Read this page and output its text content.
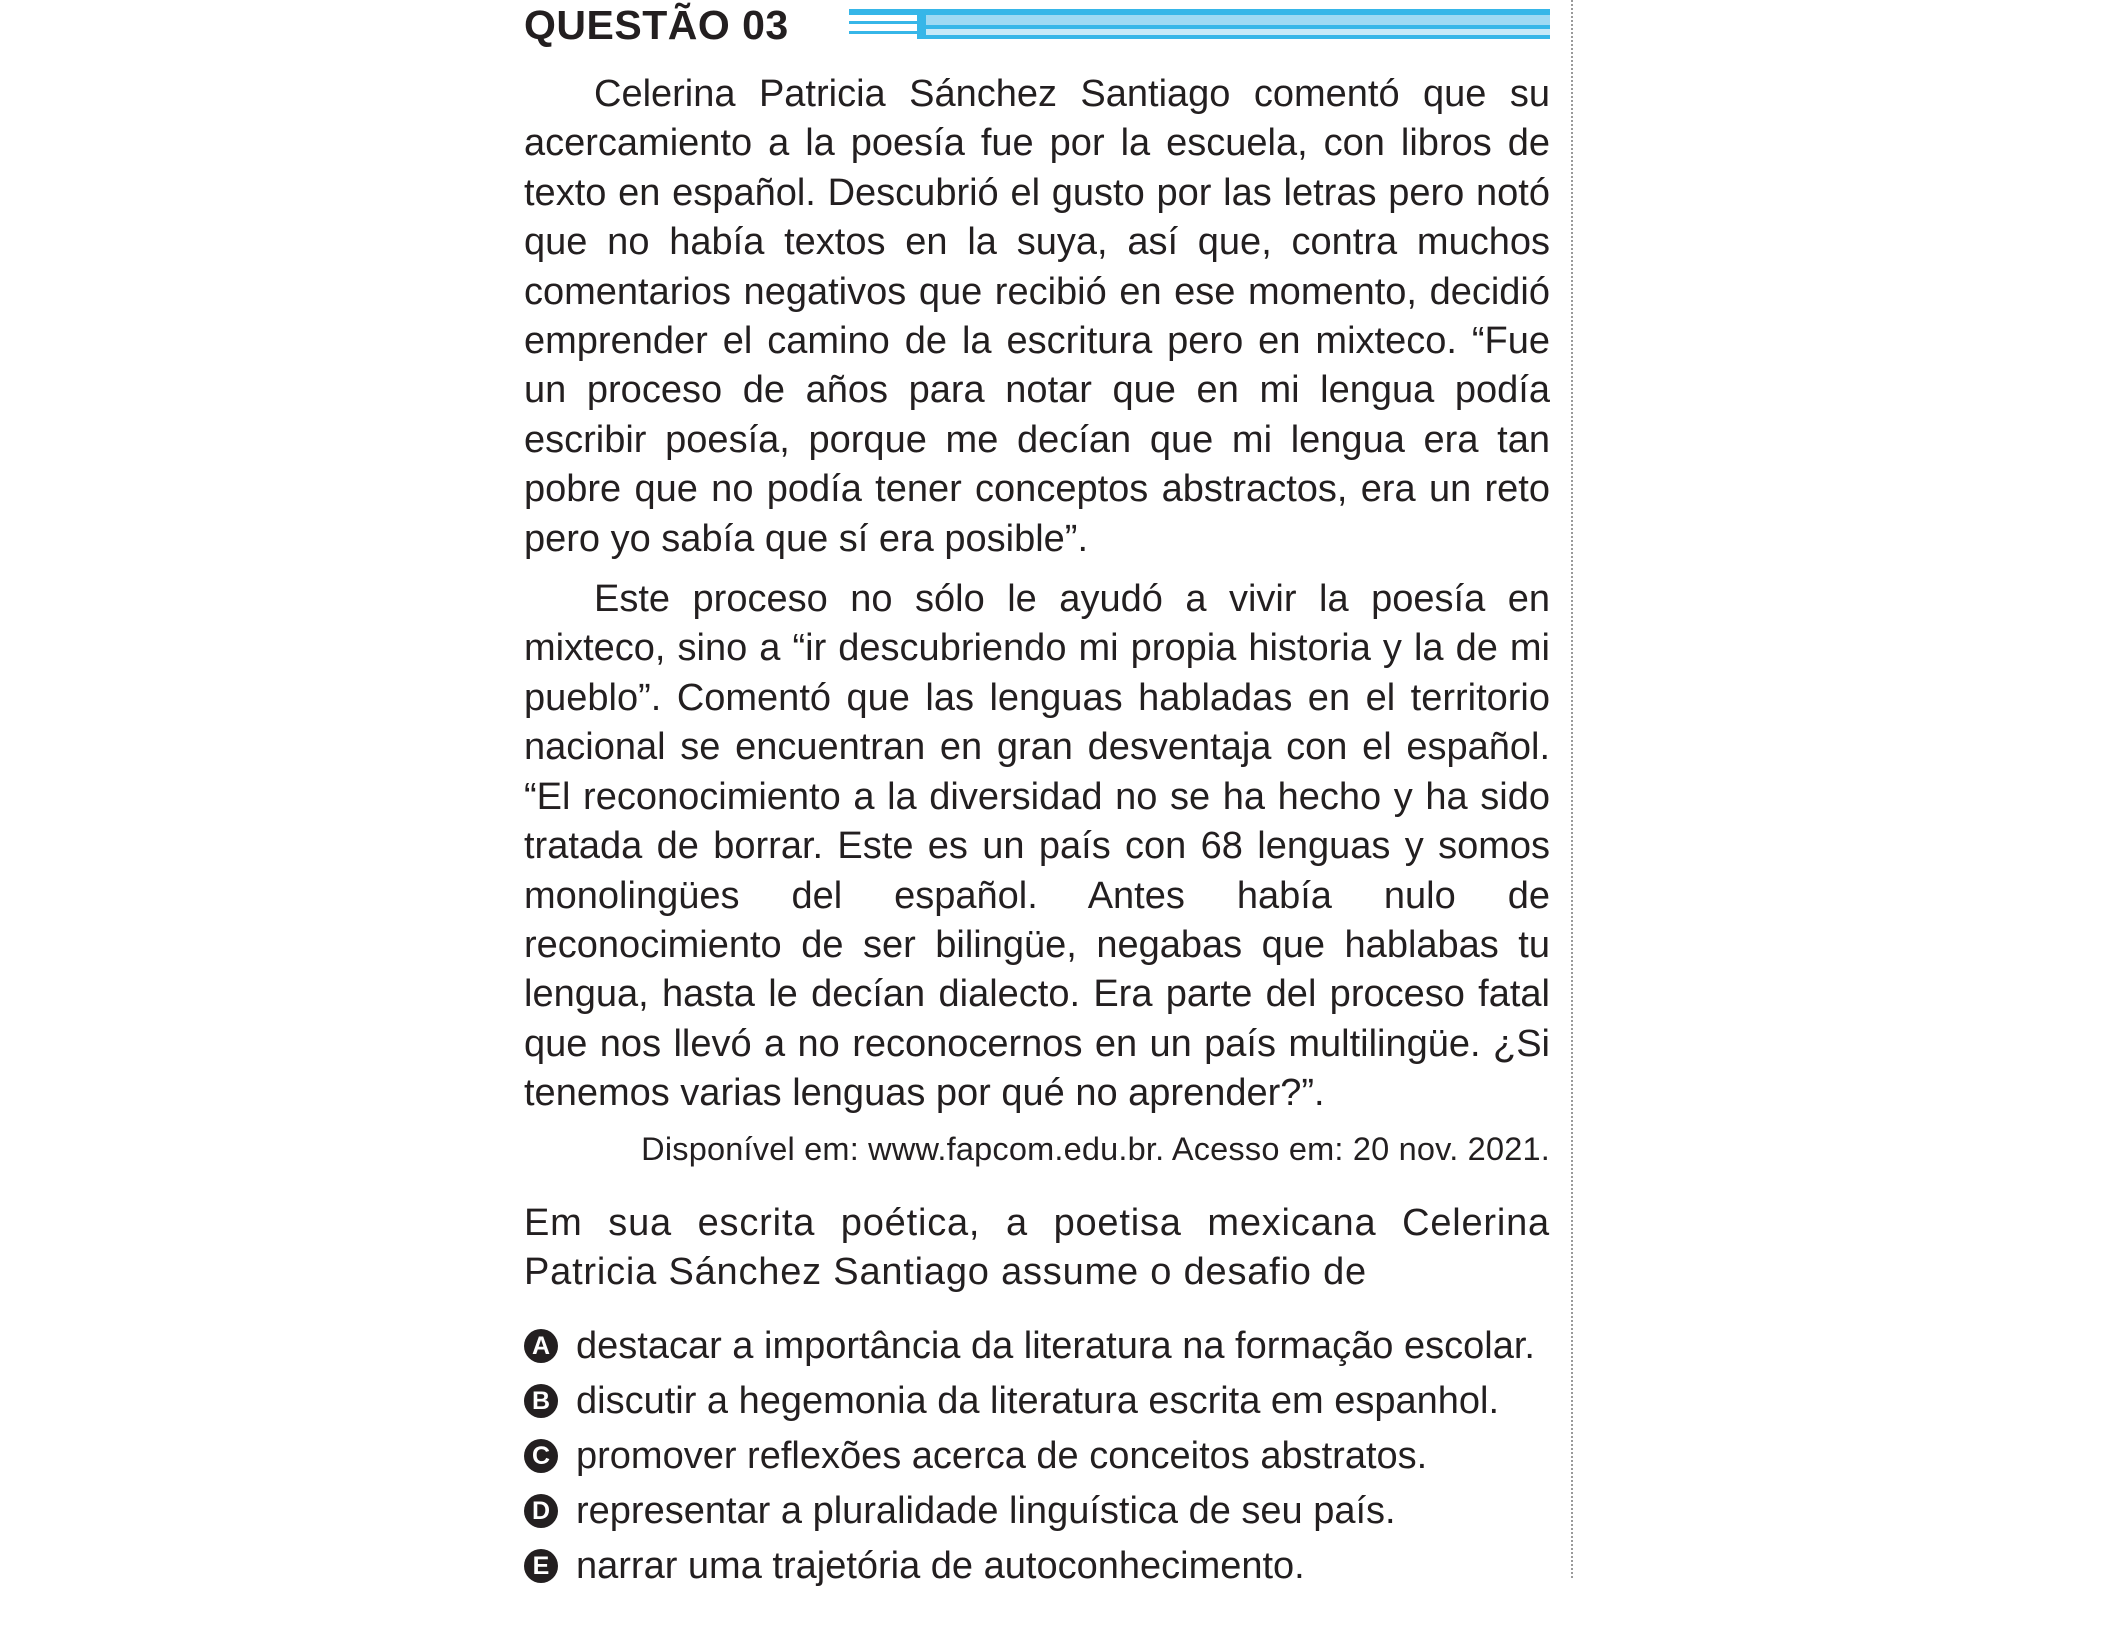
QUESTÃO 03

Celerina Patricia Sánchez Santiago comentó que su acercamiento a la poesía fue por la escuela, con libros de texto en español. Descubrió el gusto por las letras pero notó que no había textos en la suya, así que, contra muchos comentarios negativos que recibió en ese momento, decidió emprender el camino de la escritura pero en mixteco. “Fue un proceso de años para notar que en mi lengua podía escribir poesía, porque me decían que mi lengua era tan pobre que no podía tener conceptos abstractos, era un reto pero yo sabía que sí era posible”.

Este proceso no sólo le ayudó a vivir la poesía en mixteco, sino a “ir descubriendo mi propia historia y la de mi pueblo”. Comentó que las lenguas habladas en el territorio nacional se encuentran en gran desventaja con el español. “El reconocimiento a la diversidad no se ha hecho y ha sido tratada de borrar. Este es un país con 68 lenguas y somos monolingües del español. Antes había nulo de reconocimiento de ser bilingüe, negabas que hablabas tu lengua, hasta le decían dialecto. Era parte del proceso fatal que nos llevó a no reconocernos en un país multilingüe. ¿Si tenemos varias lenguas por qué no aprender?”.

Disponível em: www.fapcom.edu.br. Acesso em: 20 nov. 2021.

Em sua escrita poética, a poetisa mexicana Celerina Patricia Sánchez Santiago assume o desafio de

A destacar a importância da literatura na formação escolar.
B discutir a hegemonia da literatura escrita em espanhol.
C promover reflexões acerca de conceitos abstratos.
D representar a pluralidade linguística de seu país.
E narrar uma trajetória de autoconhecimento.
